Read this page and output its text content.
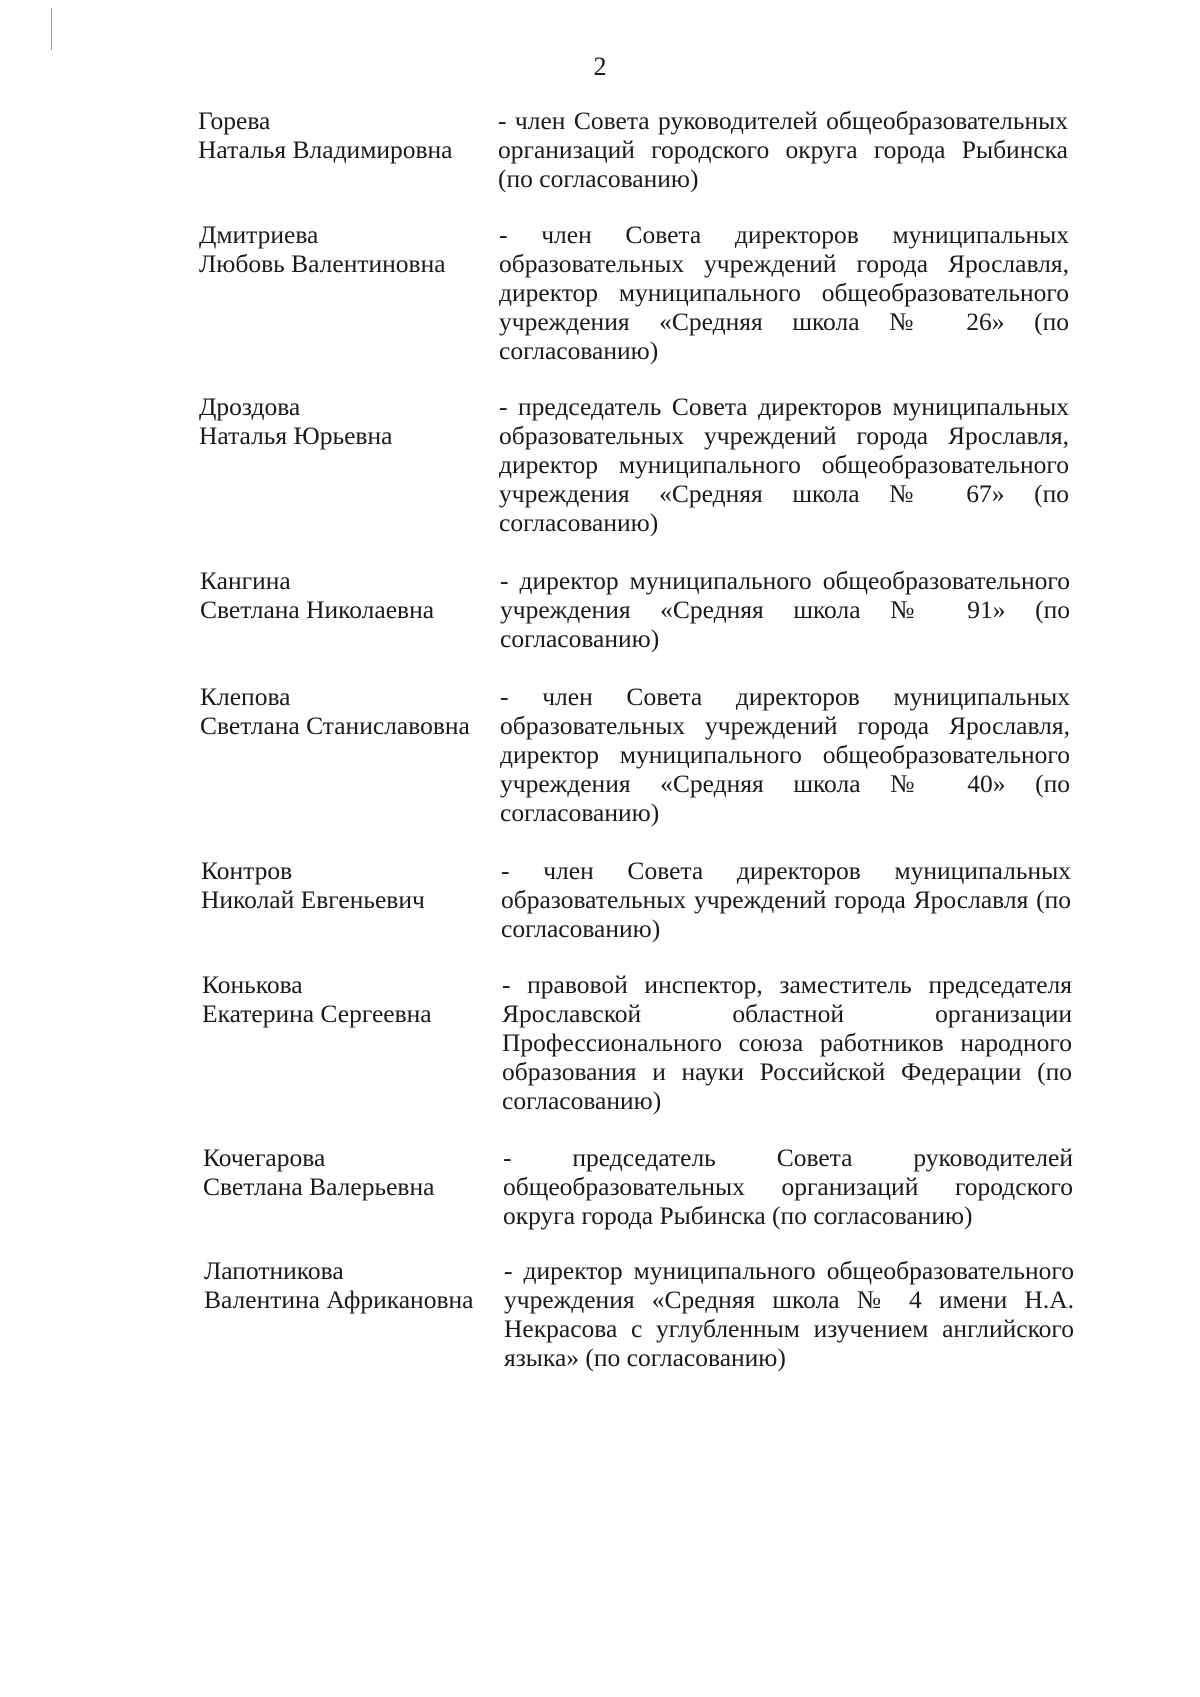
2
Горева
Наталья Владимировна
- член Совета руководителей общеобразовательных организаций городского округа города Рыбинска (по согласованию)
Дмитриева
Любовь Валентиновна
- член Совета директоров муниципальных образовательных учреждений города Ярославля, директор муниципального общеобразовательного учреждения «Средняя школа № 26» (по согласованию)
Дроздова
Наталья Юрьевна
- председатель Совета директоров муниципальных образовательных учреждений города Ярославля, директор муниципального общеобразовательного учреждения «Средняя школа № 67» (по согласованию)
Кангина
Светлана Николаевна
- директор муниципального общеобразовательного учреждения «Средняя школа № 91» (по согласованию)
Клепова
Светлана Станиславовна
- член Совета директоров муниципальных образовательных учреждений города Ярославля, директор муниципального общеобразовательного учреждения «Средняя школа № 40» (по согласованию)
Контров
Николай Евгеньевич
- член Совета директоров муниципальных образовательных учреждений города Ярославля (по согласованию)
Конькова
Екатерина Сергеевна
- правовой инспектор, заместитель председателя Ярославской областной организации Профессионального союза работников народного образования и науки Российской Федерации (по согласованию)
Кочегарова
Светлана Валерьевна
- председатель Совета руководителей общеобразовательных организаций городского округа города Рыбинска (по согласованию)
Лапотникова
Валентина Африкановна
- директор муниципального общеобразовательного учреждения «Средняя школа № 4 имени Н.А. Некрасова с углубленным изучением английского языка» (по согласованию)
